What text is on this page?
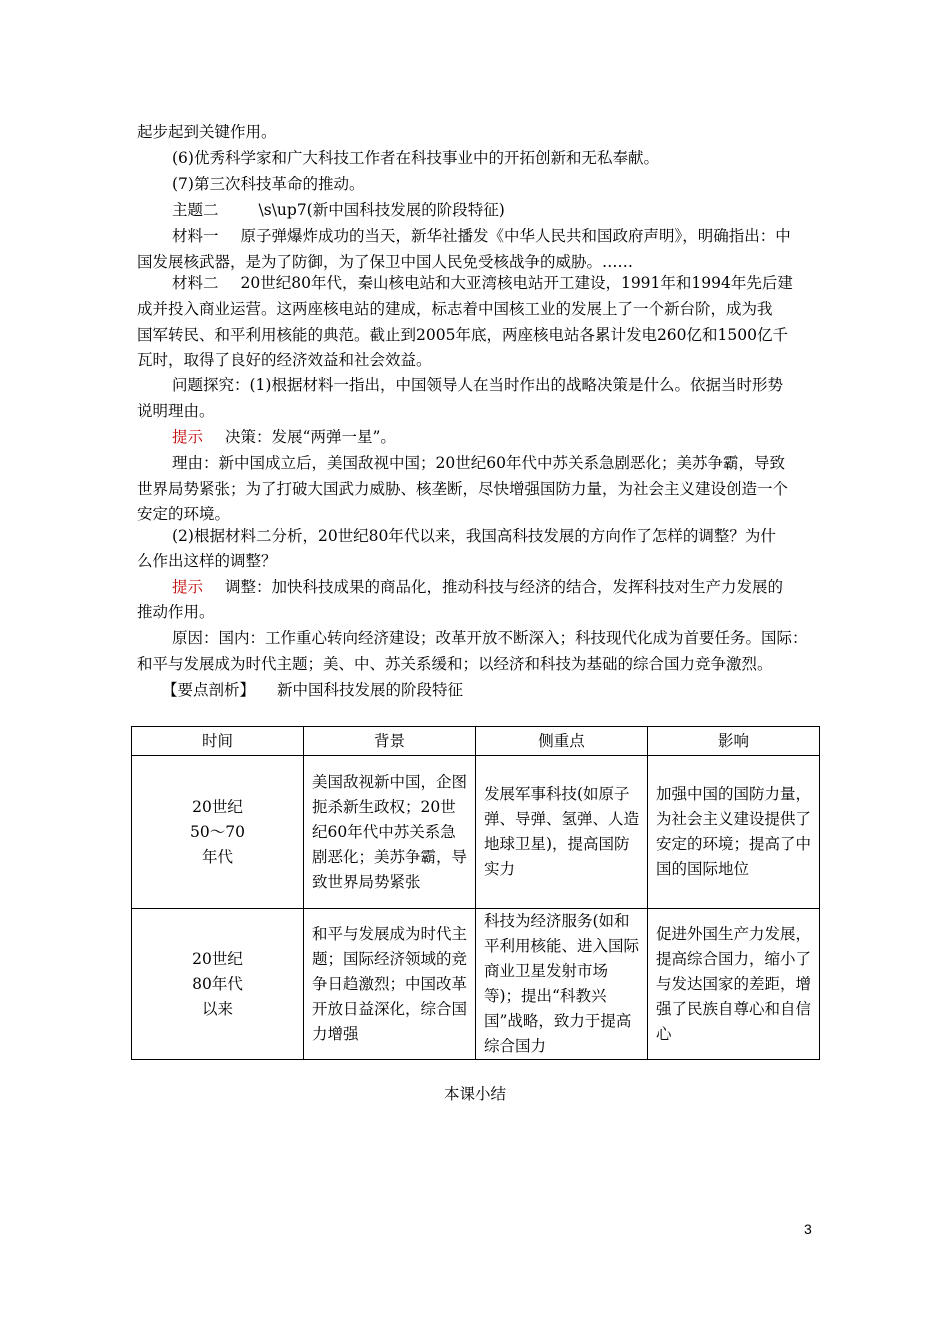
起步起到关键作用。

(6)优秀科学家和广大科技工作者在科技事业中的开拓创新和无私奉献。

(7)第三次科技革命的推动。

主题二	\s\up7(新中国科技发展的阶段特征)

材料一 原子弹爆炸成功的当天，新华社播发《中华人民共和国政府声明》，明确指出：中

国发展核武器，是为了防御，为了保卫中国人民免受核战争的威胁。……

材料二 20世纪80年代，秦山核电站和大亚湾核电站开工建设，1991年和1994年先后建

成并投入商业运营。这两座核电站的建成，标志着中国核工业的发展上了一个新台阶，成为我

国军转民、和平利用核能的典范。截止到2005年底，两座核电站各累计发电260亿和1500亿千

瓦时，取得了良好的经济效益和社会效益。

问题探究：(1)根据材料一指出，中国领导人在当时作出的战略决策是什么。依据当时形势

说明理由。

提示 决策：发展“两弹一星”。

理由：新中国成立后，美国敌视中国；20世纪60年代中苏关系急剧恶化；美苏争霸，导致

世界局势紧张；为了打破大国武力威胁、核垄断，尽快增强国防力量，为社会主义建设创造一个

安定的环境。

(2)根据材料二分析，20世纪80年代以来，我国高科技发展的方向作了怎样的调整？为什

么作出这样的调整？

提示 调整：加快科技成果的商品化，推动科技与经济的结合，发挥科技对生产力发展的

推动作用。

原因：国内：工作重心转向经济建设；改革开放不断深入；科技现代化成为首要任务。国际：

和平与发展成为时代主题；美、中、苏关系缓和；以经济和科技为基础的综合国力竞争激烈。

【要点剖析】 新中国科技发展的阶段特征

时间	背景	侧重点	影响

20世纪
50～70
年代	美国敌视新中国，企图扼杀新生政权；20世纪60年代中苏关系急剧恶化；美苏争霸，导致世界局势紧张	发展军事科技(如原子弹、导弹、氢弹、人造地球卫星)，提高国防实力	加强中国的国防力量，为社会主义建设提供了安定的环境；提高了中国的国际地位

20世纪
80年代
以来	和平与发展成为时代主题；国际经济领域的竞争日趋激烈；中国改革开放日益深化，综合国力增强	科技为经济服务(如和平利用核能、进入国际商业卫星发射市场等)；提出“科教兴国”战略，致力于提高综合国力	促进外国生产力发展，提高综合国力，缩小了与发达国家的差距，增强了民族自尊心和自信心
本课小结
3
